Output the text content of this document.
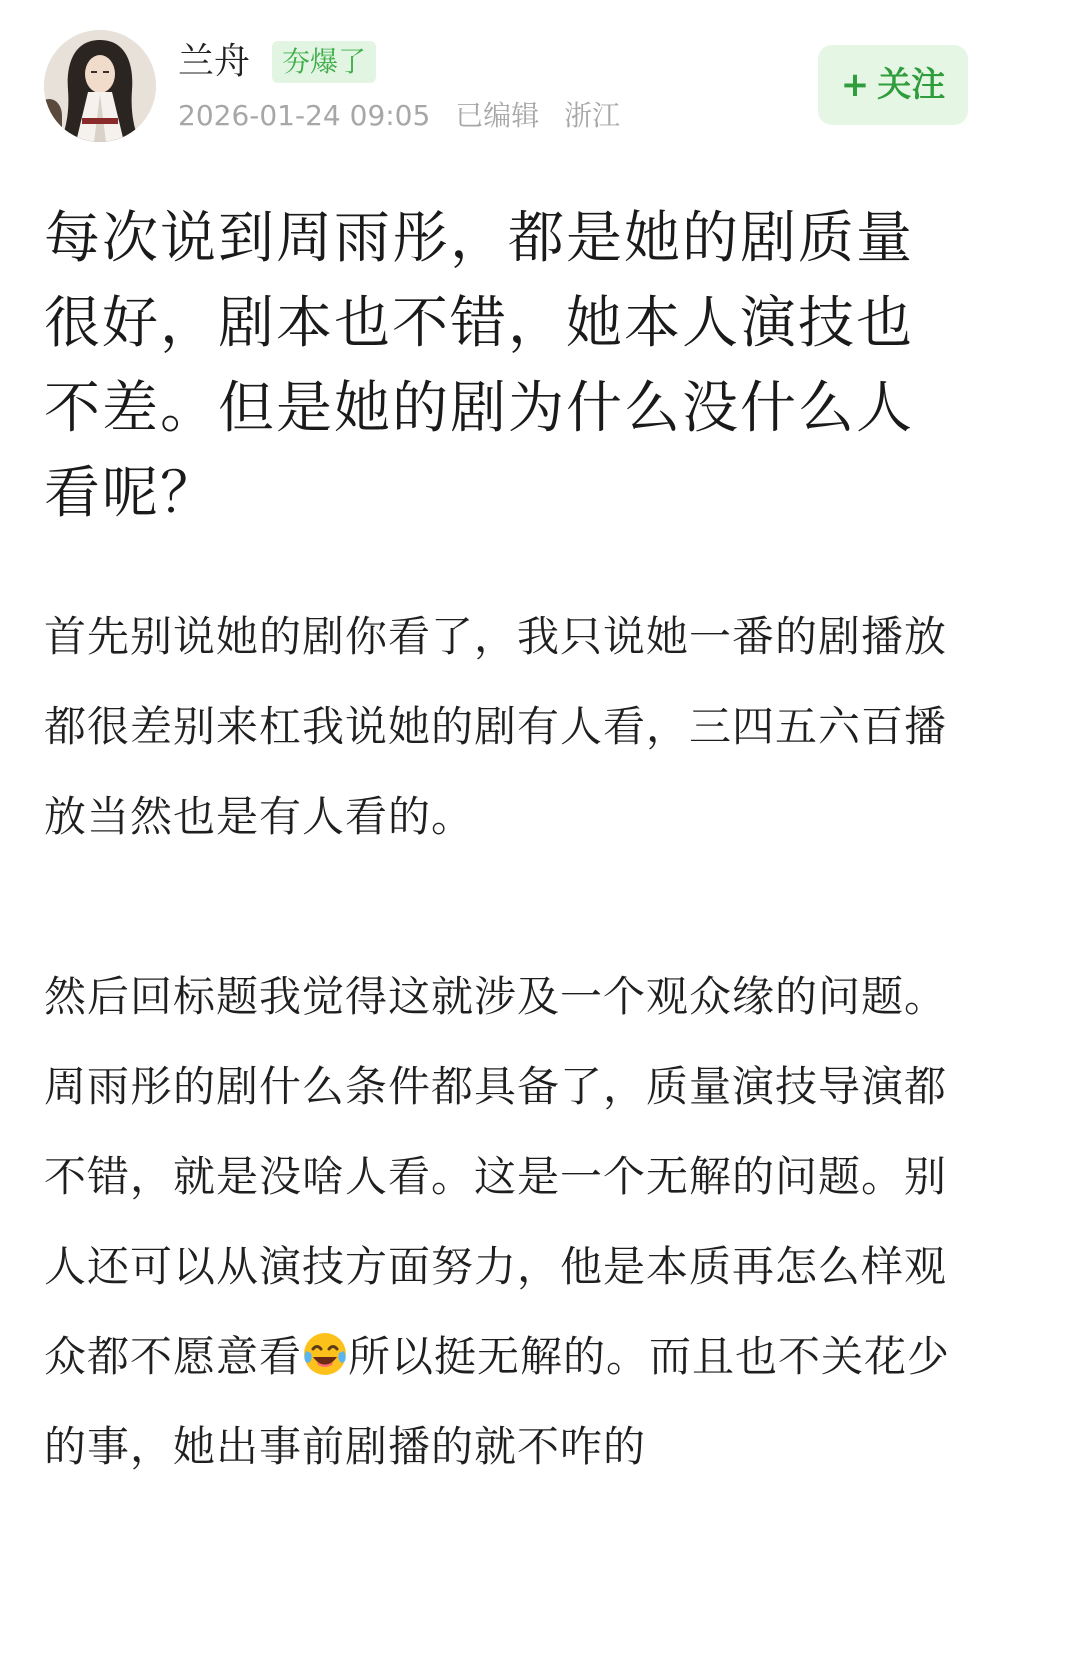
兰舟	夯爆了
2026-01-24 09:05 已编辑 浙江
+ 关注
每次说到周雨彤，都是她的剧质量很好，剧本也不错，她本人演技也不差。但是她的剧为什么没什么人看呢？

首先别说她的剧你看了，我只说她一番的剧播放都很差别来杠我说她的剧有人看，三四五六百播放当然也是有人看的。

然后回标题我觉得这就涉及一个观众缘的问题。周雨彤的剧什么条件都具备了，质量演技导演都不错，就是没啥人看。这是一个无解的问题。别人还可以从演技方面努力，他是本质再怎么样观众都不愿意看 所以挺无解的。而且也不关花少的事，她出事前剧播的就不咋的
